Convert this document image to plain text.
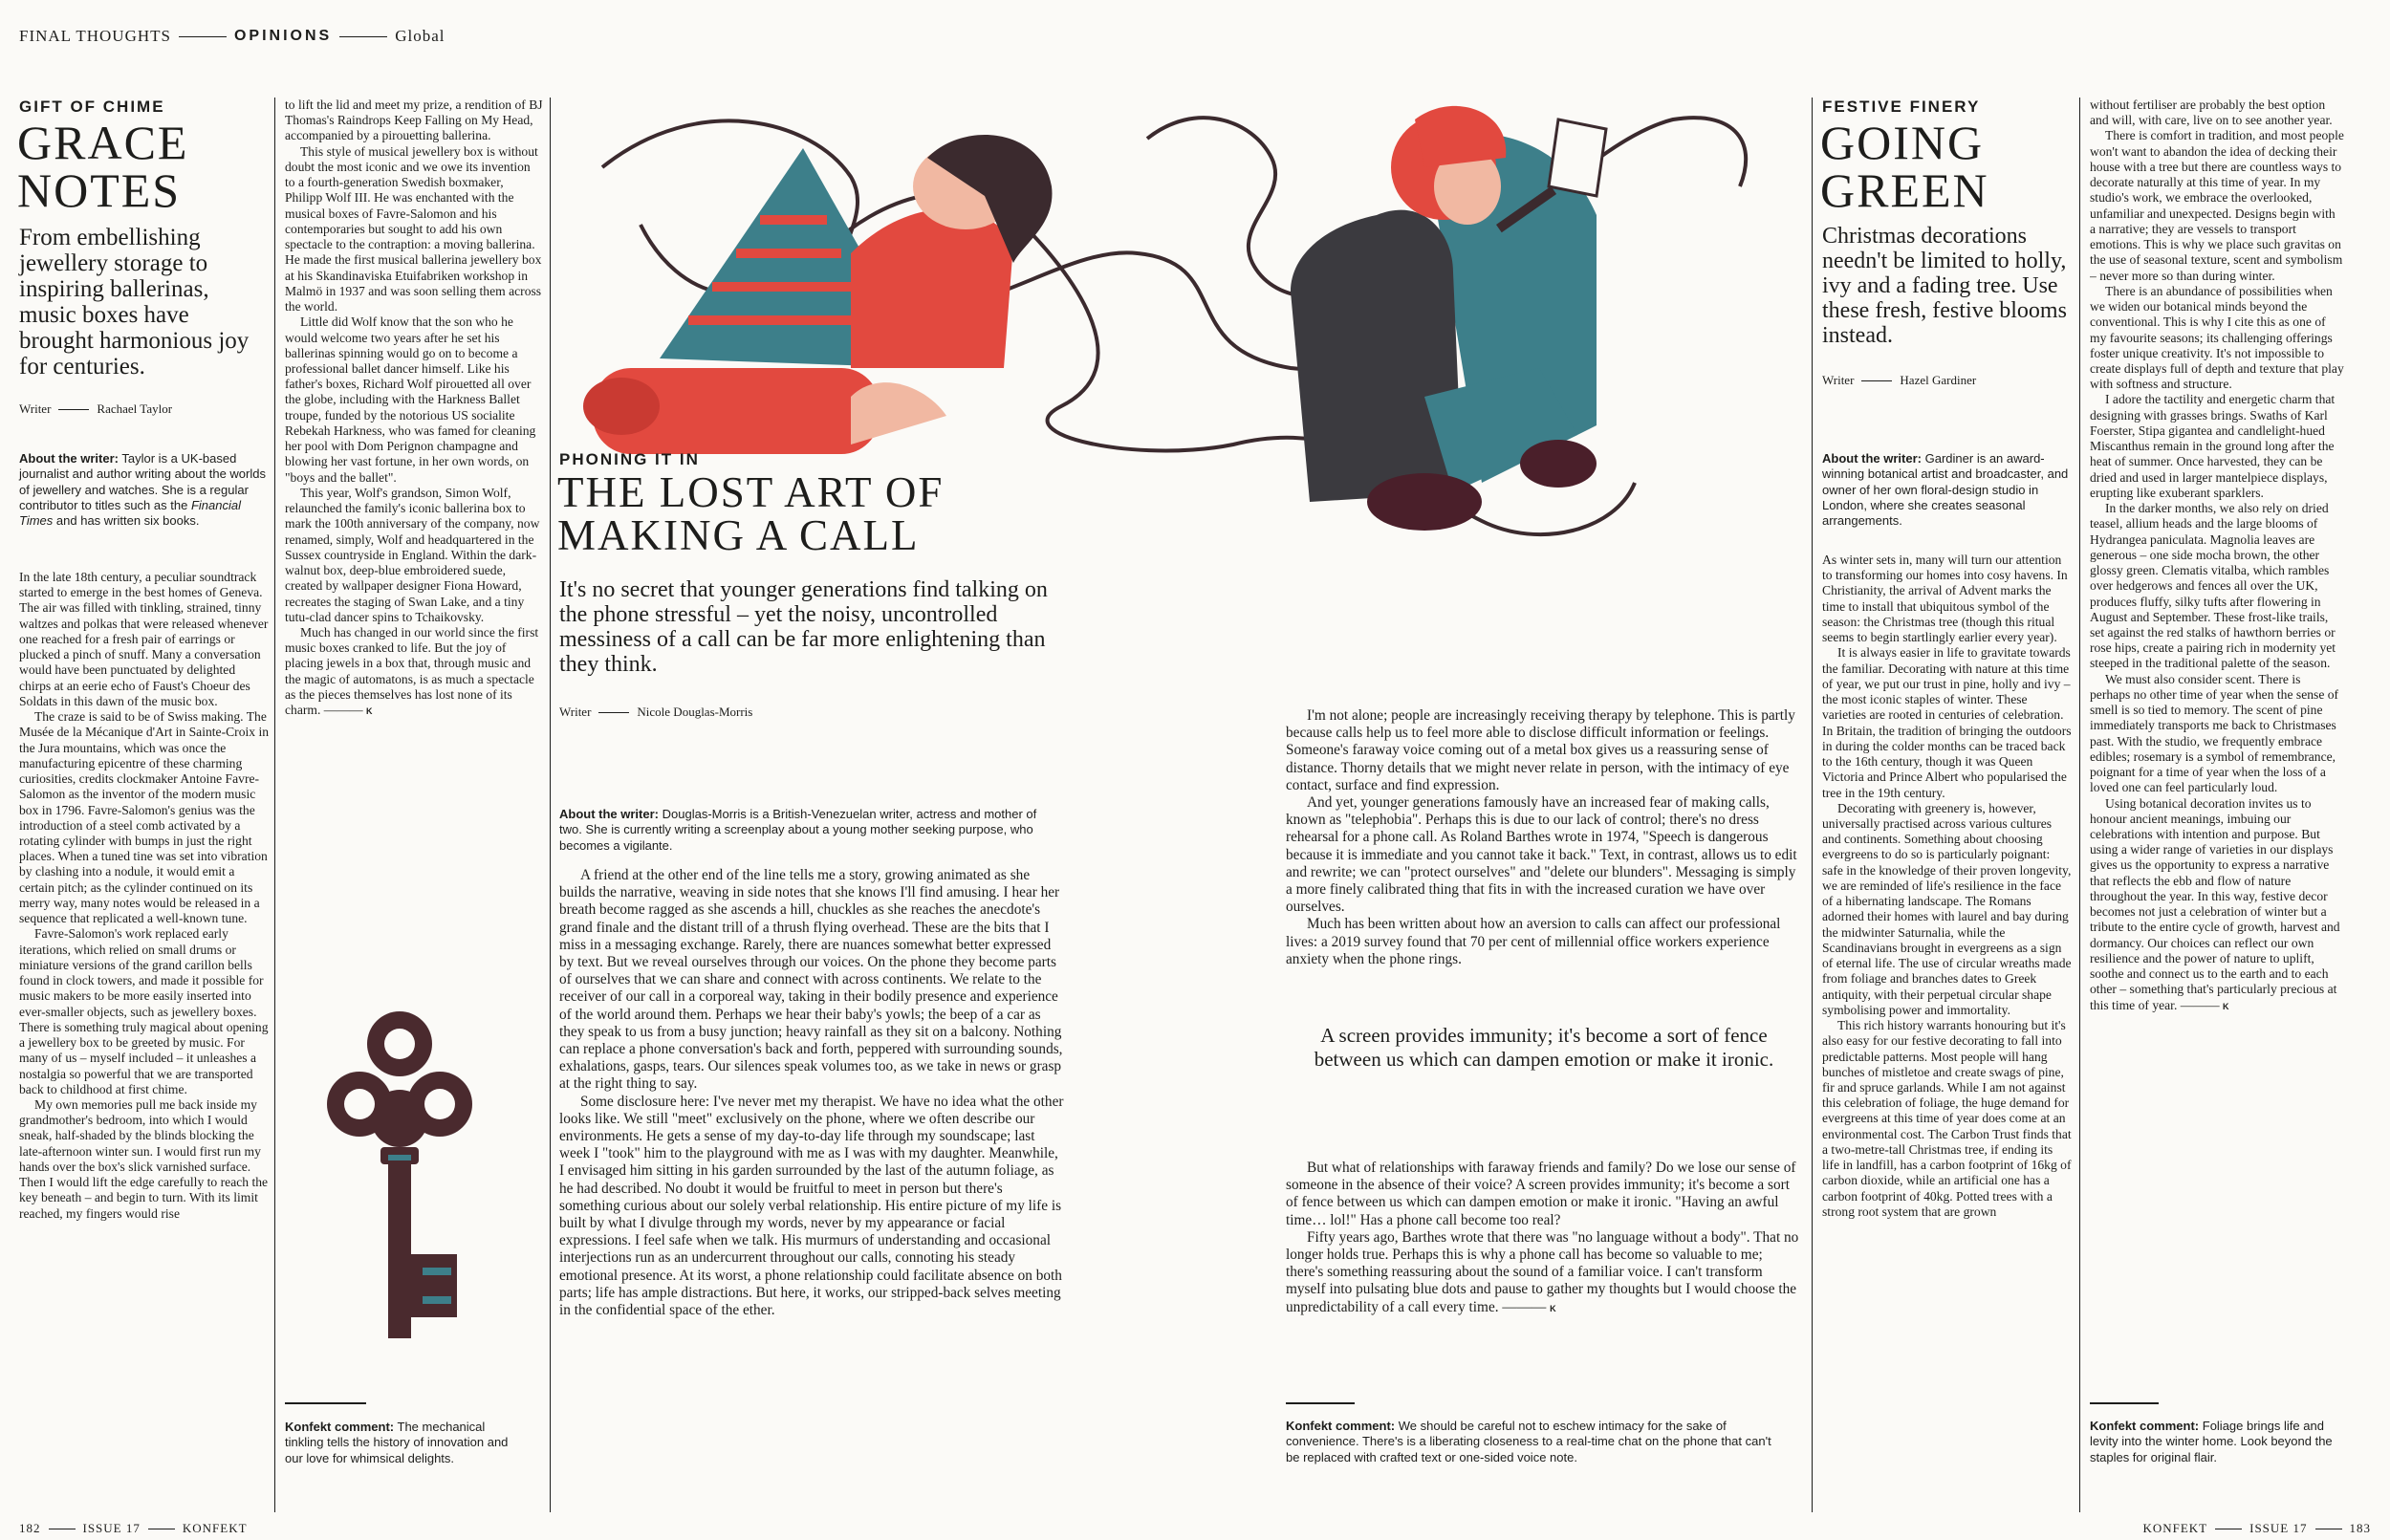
FINAL THOUGHTS	OPINIONS	Global
GIFT OF CHIME
GRACE
NOTES
From embellishing jewellery storage to inspiring ballerinas, music boxes have brought harmonious joy for centuries.
Writer	Rachael Taylor
About the writer: Taylor is a UK-based journalist and author writing about the worlds of jewellery and watches. She is a regular contributor to titles such as the Financial Times and has written six books.

In the late 18th century, a peculiar soundtrack started to emerge in the best homes of Geneva. The air was filled with tinkling, strained, tinny waltzes and polkas that were released whenever one reached for a fresh pair of earrings or plucked a pinch of snuff. Many a conversation would have been punctuated by delighted chirps at an eerie echo of Faust's Choeur des Soldats in this dawn of the music box.

The craze is said to be of Swiss making. The Musée de la Mécanique d'Art in Sainte-Croix in the Jura mountains, which was once the manufacturing epicentre of these charming curiosities, credits clockmaker Antoine Favre-Salomon as the inventor of the modern music box in 1796. Favre-Salomon's genius was the introduction of a steel comb activated by a rotating cylinder with bumps in just the right places. When a tuned tine was set into vibration by clashing into a nodule, it would emit a certain pitch; as the cylinder continued on its merry way, many notes would be released in a sequence that replicated a well-known tune.

Favre-Salomon's work replaced early iterations, which relied on small drums or miniature versions of the grand carillon bells found in clock towers, and made it possible for music makers to be more easily inserted into ever-smaller objects, such as jewellery boxes. There is something truly magical about opening a jewellery box to be greeted by music. For many of us – myself included – it unleashes a nostalgia so powerful that we are transported back to childhood at first chime.

My own memories pull me back inside my grandmother's bedroom, into which I would sneak, half-shaded by the blinds blocking the late-afternoon winter sun. I would first run my hands over the box's slick varnished surface. Then I would lift the edge carefully to reach the key beneath – and begin to turn. With its limit reached, my fingers would rise

to lift the lid and meet my prize, a rendition of BJ Thomas's Raindrops Keep Falling on My Head, accompanied by a pirouetting ballerina.

This style of musical jewellery box is without doubt the most iconic and we owe its invention to a fourth-generation Swedish boxmaker, Philipp Wolf III. He was enchanted with the musical boxes of Favre-Salomon and his contemporaries but sought to add his own spectacle to the contraption: a moving ballerina. He made the first musical ballerina jewellery box at his Skandinaviska Etuifabriken workshop in Malmö in 1937 and was soon selling them across the world.

Little did Wolf know that the son who he would welcome two years after he set his ballerinas spinning would go on to become a professional ballet dancer himself. Like his father's boxes, Richard Wolf pirouetted all over the globe, including with the Harkness Ballet troupe, funded by the notorious US socialite Rebekah Harkness, who was famed for cleaning her pool with Dom Perignon champagne and blowing her vast fortune, in her own words, on "boys and the ballet".

This year, Wolf's grandson, Simon Wolf, relaunched the family's iconic ballerina box to mark the 100th anniversary of the company, now renamed, simply, Wolf and headquartered in the Sussex countryside in England. Within the dark-walnut box, deep-blue embroidered suede, created by wallpaper designer Fiona Howard, recreates the staging of Swan Lake, and a tiny tutu-clad dancer spins to Tchaikovsky.

Much has changed in our world since the first music boxes cranked to life. But the joy of placing jewels in a box that, through music and the magic of automatons, is as much a spectacle as the pieces themselves has lost none of its charm. ——— K

Konfekt comment: The mechanical tinkling tells the history of innovation and our love for whimsical delights.
PHONING IT IN
THE LOST ART OF
MAKING A CALL
It's no secret that younger generations find talking on the phone stressful – yet the noisy, uncontrolled messiness of a call can be far more enlightening than they think.
Writer	Nicole Douglas-Morris
About the writer: Douglas-Morris is a British-Venezuelan writer, actress and mother of two. She is currently writing a screenplay about a young mother seeking purpose, who becomes a vigilante.

A friend at the other end of the line tells me a story, growing animated as she builds the narrative, weaving in side notes that she knows I'll find amusing. I hear her breath become ragged as she ascends a hill, chuckles as she reaches the anecdote's grand finale and the distant trill of a thrush flying overhead. These are the bits that I miss in a messaging exchange. Rarely, there are nuances somewhat better expressed by text. But we reveal ourselves through our voices. On the phone they become parts of ourselves that we can share and connect with across continents. We relate to the receiver of our call in a corporeal way, taking in their bodily presence and experience of the world around them. Perhaps we hear their baby's yowls; the beep of a car as they speak to us from a busy junction; heavy rainfall as they sit on a balcony. Nothing can replace a phone conversation's back and forth, peppered with surrounding sounds, exhalations, gasps, tears. Our silences speak volumes too, as we take in news or grasp at the right thing to say.

Some disclosure here: I've never met my therapist. We have no idea what the other looks like. We still "meet" exclusively on the phone, where we often describe our environments. He gets a sense of my day-to-day life through my soundscape; last week I "took" him to the playground with me as I was with my daughter. Meanwhile, I envisaged him sitting in his garden surrounded by the last of the autumn foliage, as he had described. No doubt it would be fruitful to meet in person but there's something curious about our solely verbal relationship. His entire picture of my life is built by what I divulge through my words, never by my appearance or facial expressions. I feel safe when we talk. His murmurs of understanding and occasional interjections run as an undercurrent throughout our calls, connoting his steady emotional presence. At its worst, a phone relationship could facilitate absence on both parts; life has ample distractions. But here, it works, our stripped-back selves meeting in the confidential space of the ether.

I'm not alone; people are increasingly receiving therapy by telephone. This is partly because calls help us to feel more able to disclose difficult information or feelings. Someone's faraway voice coming out of a metal box gives us a reassuring sense of distance. Thorny details that we might never relate in person, with the intimacy of eye contact, surface and find expression.

And yet, younger generations famously have an increased fear of making calls, known as "telephobia". Perhaps this is due to our lack of control; there's no dress rehearsal for a phone call. As Roland Barthes wrote in 1974, "Speech is dangerous because it is immediate and you cannot take it back." Text, in contrast, allows us to edit and rewrite; we can "protect ourselves" and "delete our blunders". Messaging is simply a more finely calibrated thing that fits in with the increased curation we have over ourselves.

Much has been written about how an aversion to calls can affect our professional lives: a 2019 survey found that 70 per cent of millennial office workers experience anxiety when the phone rings.

A screen provides immunity; it's become a sort of fence between us which can dampen emotion or make it ironic.

But what of relationships with faraway friends and family? Do we lose our sense of someone in the absence of their voice? A screen provides immunity; it's become a sort of fence between us which can dampen emotion or make it ironic. "Having an awful time… lol!" Has a phone call become too real?

Fifty years ago, Barthes wrote that there was "no language without a body". That no longer holds true. Perhaps this is why a phone call has become so valuable to me; there's something reassuring about the sound of a familiar voice. I can't transform myself into pulsating blue dots and pause to gather my thoughts but I would choose the unpredictability of a call every time. ——— K

Konfekt comment: We should be careful not to eschew intimacy for the sake of convenience. There's is a liberating closeness to a real-time chat on the phone that can't be replaced with crafted text or one-sided voice note.
FESTIVE FINERY
GOING
GREEN
Christmas decorations needn't be limited to holly, ivy and a fading tree. Use these fresh, festive blooms instead.
Writer	Hazel Gardiner
About the writer: Gardiner is an award-winning botanical artist and broadcaster, and owner of her own floral-design studio in London, where she creates seasonal arrangements.

As winter sets in, many will turn our attention to transforming our homes into cosy havens. In Christianity, the arrival of Advent marks the time to install that ubiquitous symbol of the season: the Christmas tree (though this ritual seems to begin startlingly earlier every year).

It is always easier in life to gravitate towards the familiar. Decorating with nature at this time of year, we put our trust in pine, holly and ivy – the most iconic staples of winter. These varieties are rooted in centuries of celebration. In Britain, the tradition of bringing the outdoors in during the colder months can be traced back to the 16th century, though it was Queen Victoria and Prince Albert who popularised the tree in the 19th century.

Decorating with greenery is, however, universally practised across various cultures and continents. Something about choosing evergreens to do so is particularly poignant: safe in the knowledge of their proven longevity, we are reminded of life's resilience in the face of a hibernating landscape. The Romans adorned their homes with laurel and bay during the midwinter Saturnalia, while the Scandinavians brought in evergreens as a sign of eternal life. The use of circular wreaths made from foliage and branches dates to Greek antiquity, with their perpetual circular shape symbolising power and immortality.

This rich history warrants honouring but it's also easy for our festive decorating to fall into predictable patterns. Most people will hang bunches of mistletoe and create swags of pine, fir and spruce garlands. While I am not against this celebration of foliage, the huge demand for evergreens at this time of year does come at an environmental cost. The Carbon Trust finds that a two-metre-tall Christmas tree, if ending its life in landfill, has a carbon footprint of 16kg of carbon dioxide, while an artificial one has a carbon footprint of 40kg. Potted trees with a strong root system that are grown

without fertiliser are probably the best option and will, with care, live on to see another year.

There is comfort in tradition, and most people won't want to abandon the idea of decking their house with a tree but there are countless ways to decorate naturally at this time of year. In my studio's work, we embrace the overlooked, unfamiliar and unexpected. Designs begin with a narrative; they are vessels to transport emotions. This is why we place such gravitas on the use of seasonal texture, scent and symbolism – never more so than during winter.

There is an abundance of possibilities when we widen our botanical minds beyond the conventional. This is why I cite this as one of my favourite seasons; its challenging offerings foster unique creativity. It's not impossible to create displays full of depth and texture that play with softness and structure.

I adore the tactility and energetic charm that designing with grasses brings. Swaths of Karl Foerster, Stipa gigantea and candlelight-hued Miscanthus remain in the ground long after the heat of summer. Once harvested, they can be dried and used in larger mantelpiece displays, erupting like exuberant sparklers.

In the darker months, we also rely on dried teasel, allium heads and the large blooms of Hydrangea paniculata. Magnolia leaves are generous – one side mocha brown, the other glossy green. Clematis vitalba, which rambles over hedgerows and fences all over the UK, produces fluffy, silky tufts after flowering in August and September. These frost-like trails, set against the red stalks of hawthorn berries or rose hips, create a pairing rich in modernity yet steeped in the traditional palette of the season.

We must also consider scent. There is perhaps no other time of year when the sense of smell is so tied to memory. The scent of pine immediately transports me back to Christmases past. With the studio, we frequently embrace edibles; rosemary is a symbol of remembrance, poignant for a time of year when the loss of a loved one can feel particularly loud.

Using botanical decoration invites us to honour ancient meanings, imbuing our celebrations with intention and purpose. But using a wider range of varieties in our displays gives us the opportunity to express a narrative that reflects the ebb and flow of nature throughout the year. In this way, festive decor becomes not just a celebration of winter but a tribute to the entire cycle of growth, harvest and dormancy. Our choices can reflect our own resilience and the power of nature to uplift, soothe and connect us to the earth and to each other – something that's particularly precious at this time of year. ——— K

Konfekt comment: Foliage brings life and levity into the winter home. Look beyond the staples for original flair.
182	ISSUE 17	KONFEKT	KONFEKT	ISSUE 17	183
